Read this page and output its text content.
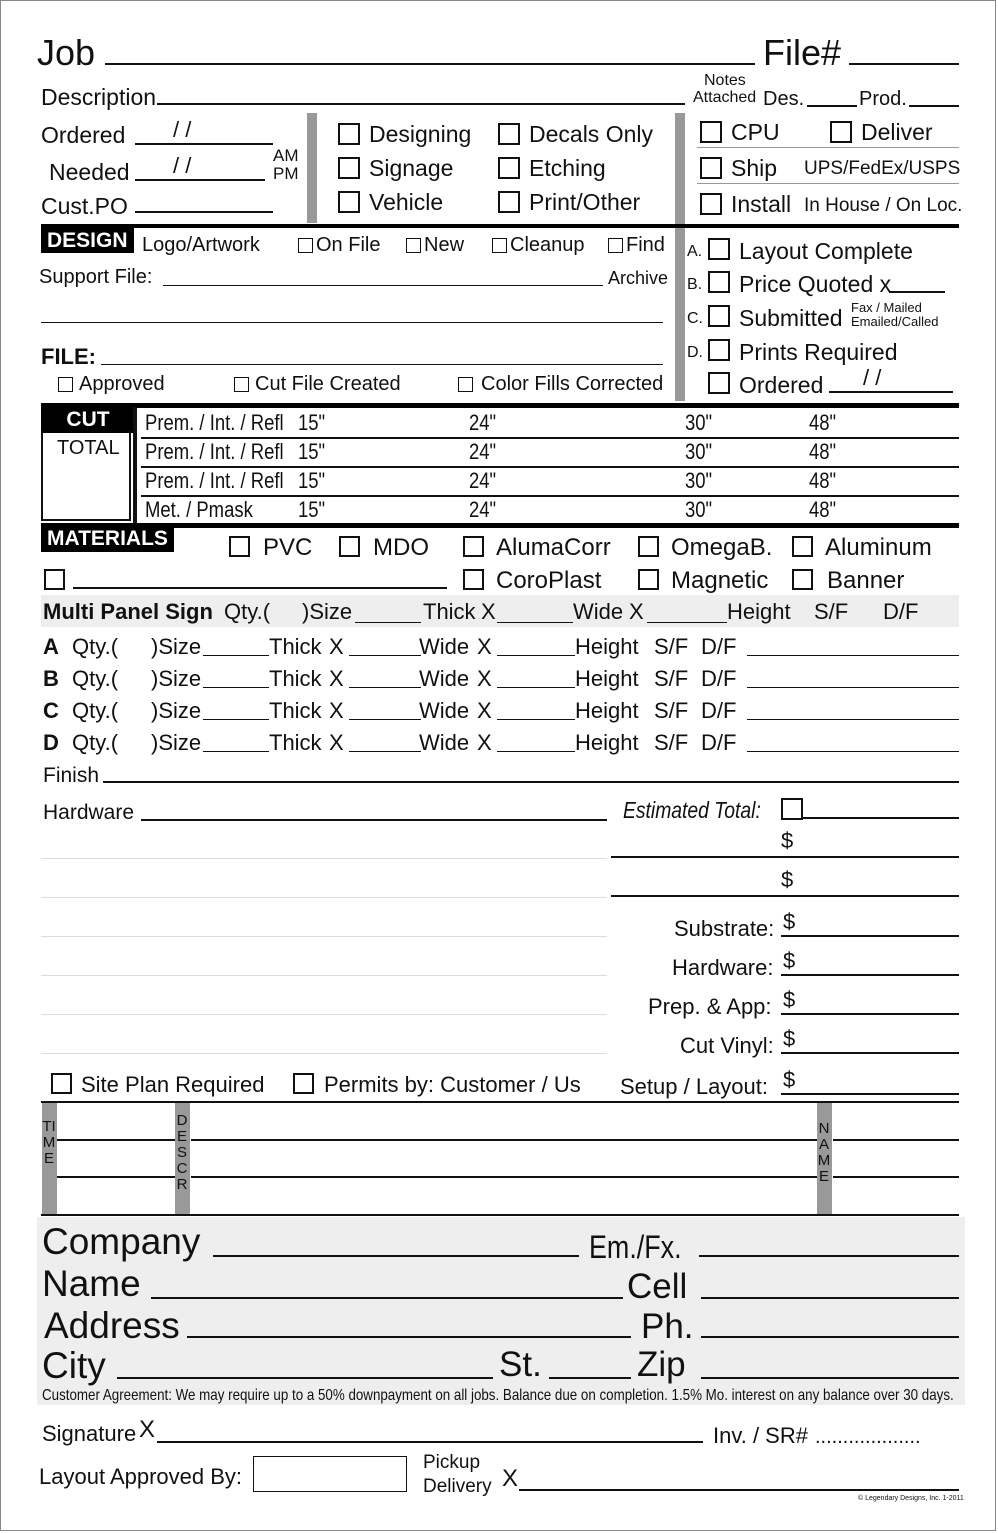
Job	File#
Description
Notes
Attached Des.	Prod.
Ordered / /
Needed / /	AM
PM
Cust.PO
Designing
Signage
Vehicle
Decals Only
Etching
Print/Other
CPU	Deliver
Ship UPS/FedEx/USPS
Install In House / On Loc.
DESIGN Logo/Artwork	On File New Cleanup Find
Support File:	Archive
FILE:
Approved	Cut File Created	Color Fills Corrected
A. Layout Complete
B. Price Quoted x
C. Submitted Fax / Mailed
Emailed/Called
D. Prints Required
Ordered / /
CUT
TOTAL
Prem. / Int. / Refl 15"	24"	30"	48"
Prem. / Int. / Refl 15"	24"	30"	48"
Prem. / Int. / Refl 15"	24"	30"	48"
Met. / Pmask 15"	24"	30"	48"
MATERIALS	PVC	MDO	AlumaCorr	OmegaB. Aluminum
CoroPlast	Magnetic Banner
Multi Panel Sign Qty.( )Size	Thick X	Wide X	Height S/F D/F
A Qty.( )Size	Thick X	Wide X	Height S/F D/F
B Qty.( )Size	Thick X	Wide X	Height S/F D/F
C Qty.( )Size	Thick X	Wide X	Height S/F D/F
D Qty.( )Size	Thick X	Wide X	Height S/F D/F
Finish
Hardware	Estimated Total:
$
$
Substrate: $
Hardware: $
Prep. & App: $
Cut Vinyl: $
Setup / Layout: $
Site Plan Required	Permits by: Customer / Us
TIME
DESCR
NAME
Company	Em./Fx.
Name	Cell
Address	Ph.
City	St.	Zip
Customer Agreement: We may require up to a 50% downpayment on all jobs. Balance due on completion. 1.5% Mo. interest on any balance over 30 days.
Signature X	Inv. / SR# ...................
Layout Approved By:
Pickup
Delivery X
© Legendary Designs, Inc. 1-2011
